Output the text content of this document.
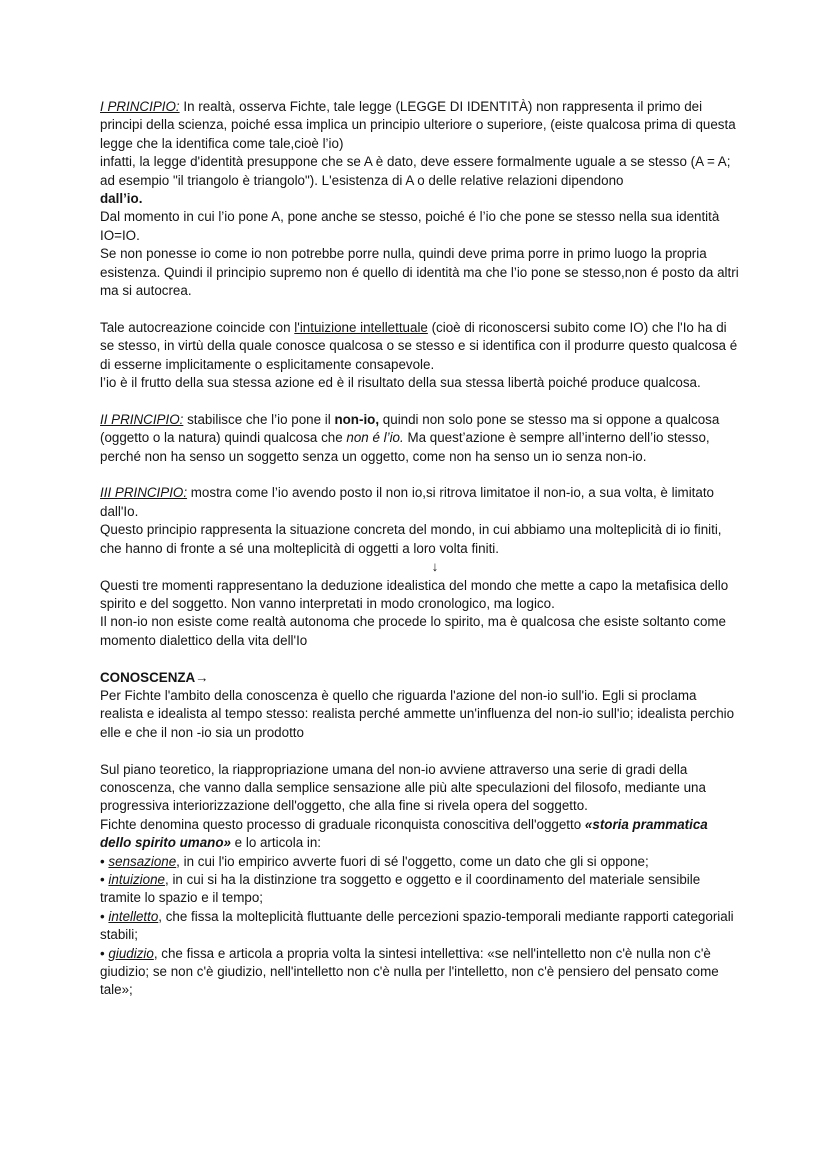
I PRINCIPIO: In realtà, osserva Fichte, tale legge (LEGGE DI IDENTITÀ) non rappresenta il primo dei principi della scienza, poiché essa implica un principio ulteriore o superiore, (eiste qualcosa prima di questa legge che la identifica come tale,cioè l’io)

infatti, la legge d'identità presuppone che se A è dato, deve essere formalmente uguale a se stesso (A = A; ad esempio "il triangolo è triangolo"). L'esistenza di A o delle relative relazioni dipendono
dall’io.

Dal momento in cui l’io pone A, pone anche se stesso, poiché é l’io che pone se stesso nella sua identità IO=IO.

Se non ponesse io come io non potrebbe porre nulla, quindi deve prima porre in primo luogo la propria esistenza. Quindi il principio supremo non é quello di identità ma che l’io pone se stesso,non é posto da altri ma si autocrea.

Tale autocreazione coincide con l'intuizione intellettuale (cioè di riconoscersi subito come IO) che l'Io ha di se stesso, in virtù della quale conosce qualcosa o se stesso e si identifica con il produrre questo qualcosa é di esserne implicitamente o esplicitamente consapevole.

l’io è il frutto della sua stessa azione ed è il risultato della sua stessa libertà poiché produce qualcosa.

II PRINCIPIO: stabilisce che l’io pone il non-io, quindi non solo pone se stesso ma si oppone a qualcosa (oggetto o la natura) quindi qualcosa che non é l’io. Ma quest’azione è sempre all’interno dell’io stesso, perché non ha senso un soggetto senza un oggetto, come non ha senso un io senza non-io.

III PRINCIPIO: mostra come l’io avendo posto il non io,si ritrova limitatoe il non-io, a sua volta, è limitato dall'Io.

Questo principio rappresenta la situazione concreta del mondo, in cui abbiamo una molteplicità di io finiti, che hanno di fronte a sé una molteplicità di oggetti a loro volta finiti.

↓

Questi tre momenti rappresentano la deduzione idealistica del mondo che mette a capo la metafisica dello spirito e del soggetto. Non vanno interpretati in modo cronologico, ma logico.

Il non-io non esiste come realtà autonoma che procede lo spirito, ma è qualcosa che esiste soltanto come momento dialettico della vita dell'Io

CONOSCENZA→

Per Fichte l'ambito della conoscenza è quello che riguarda l'azione del non-io sull'io. Egli si proclama realista e idealista al tempo stesso: realista perché ammette un'influenza del non-io sull'io; idealista perchio elle e che il non -io sia un prodotto

Sul piano teoretico, la riappropriazione umana del non-io avviene attraverso una serie di gradi della conoscenza, che vanno dalla semplice sensazione alle più alte speculazioni del filosofo, mediante una progressiva interiorizzazione dell'oggetto, che alla fine si rivela opera del soggetto.

Fichte denomina questo processo di graduale riconquista conoscitiva dell'oggetto «storia prammatica dello spirito umano» e lo articola in:

• sensazione, in cui l'io empirico avverte fuori di sé l'oggetto, come un dato che gli si oppone;

• intuizione, in cui si ha la distinzione tra soggetto e oggetto e il coordinamento del materiale sensibile tramite lo spazio e il tempo;

• intelletto, che fissa la molteplicità fluttuante delle percezioni spazio-temporali mediante rapporti categoriali stabili;

• giudizio, che fissa e articola a propria volta la sintesi intellettiva: «se nell'intelletto non c'è nulla non c'è giudizio; se non c'è giudizio, nell'intelletto non c'è nulla per l'intelletto, non c'è pensiero del pensato come tale»;
